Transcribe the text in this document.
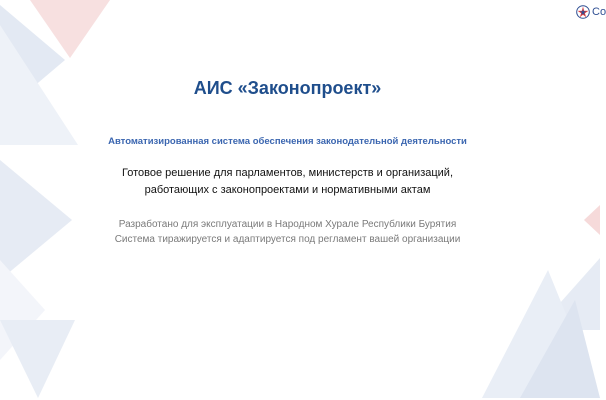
Co
АИС «Законопроект»
Автоматизированная система обеспечения законодательной деятельности
Готовое решение для парламентов, министерств и организаций,
работающих с законопроектами и нормативными актам
Разработано для эксплуатации в Народном Хурале Республики Бурятия
Система тиражируется и адаптируется под регламент вашей организации
